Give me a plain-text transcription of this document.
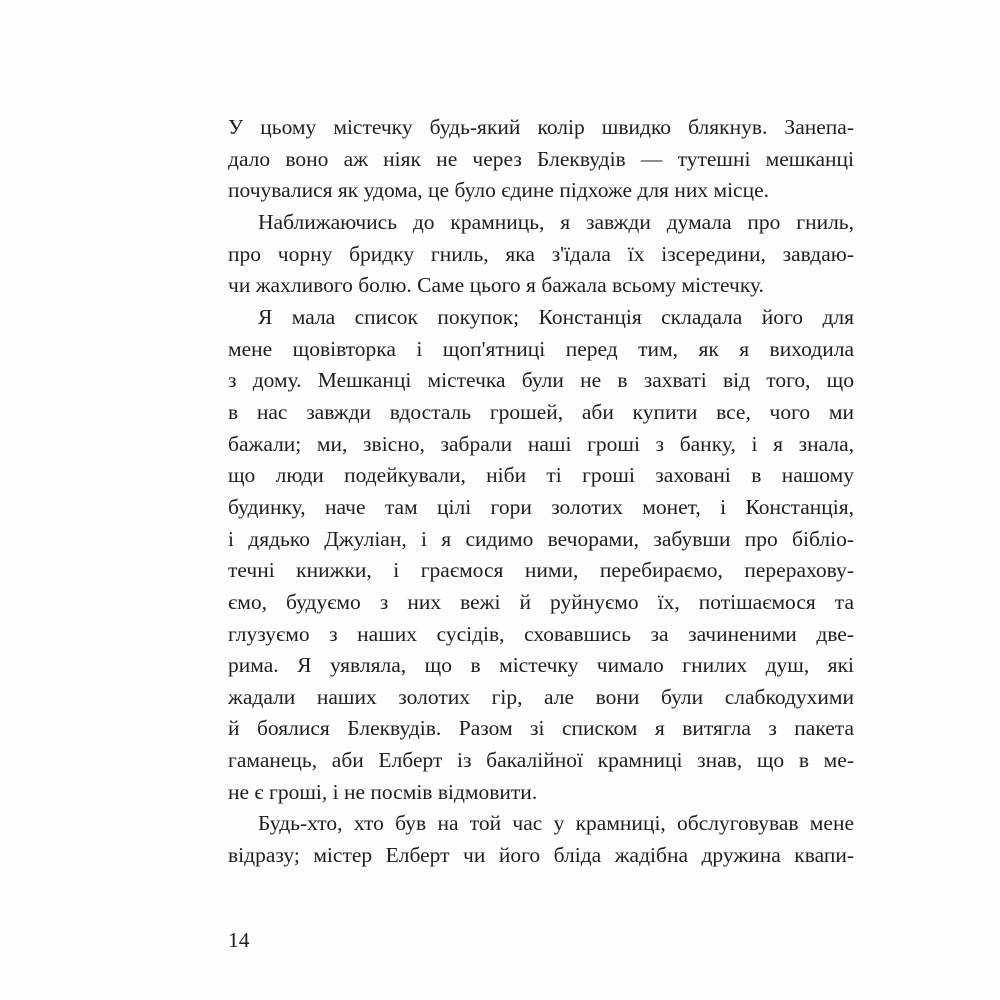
У цьому містечку будь-який колір швидко блякнув. Занепа-
дало воно аж ніяк не через Блеквудів — тутешні мешканці
почувалися як удома, це було єдине підхоже для них місце.
Наближаючись до крамниць, я завжди думала про гниль,
про чорну бридку гниль, яка з'їдала їх ізсередини, завдаю-
чи жахливого болю. Саме цього я бажала всьому містечку.
Я мала список покупок; Констанція складала його для
мене щовівторка і щоп'ятниці перед тим, як я виходила
з дому. Мешканці містечка були не в захваті від того, що
в нас завжди вдосталь грошей, аби купити все, чого ми
бажали; ми, звісно, забрали наші гроші з банку, і я знала,
що люди подейкували, ніби ті гроші заховані в нашому
будинку, наче там цілі гори золотих монет, і Констанція,
і дядько Джуліан, і я сидимо вечорами, забувши про бібліо-
течні книжки, і граємося ними, перебираємо, перерахову-
ємо, будуємо з них вежі й руйнуємо їх, потішаємося та
глузуємо з наших сусідів, сховавшись за зачиненими две-
рима. Я уявляла, що в містечку чимало гнилих душ, які
жадали наших золотих гір, але вони були слабкодухими
й боялися Блеквудів. Разом зі списком я витягла з пакета
гаманець, аби Елберт із бакалійної крамниці знав, що в ме-
не є гроші, і не посмів відмовити.
Будь-хто, хто був на той час у крамниці, обслуговував мене
відразу; містер Елберт чи його бліда жадібна дружина квапи-
14
